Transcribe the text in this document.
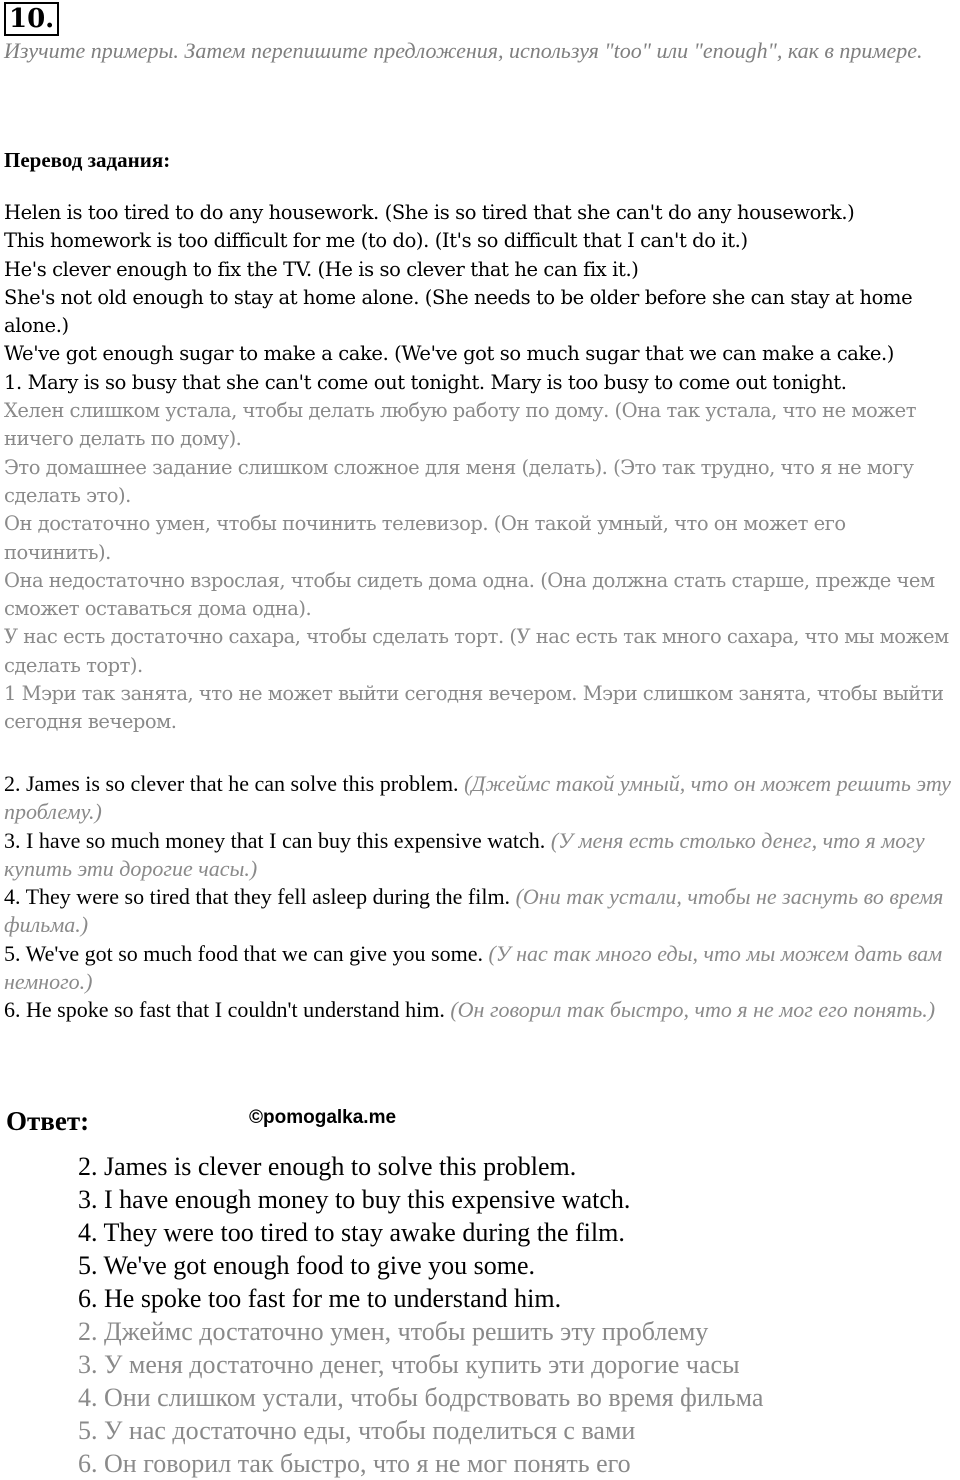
10.
Изучите примеры. Затем перепишите предложения, используя "too" или "enough", как в примере.
Перевод задания:
Helen is too tired to do any housework. (She is so tired that she can't do any housework.)
This homework is too difficult for me (to do). (It's so difficult that I can't do it.)
He's clever enough to fix the TV. (He is so clever that he can fix it.)
She's not old enough to stay at home alone. (She needs to be older before she can stay at home alone.)
We've got enough sugar to make a cake. (We've got so much sugar that we can make a cake.)
1. Mary is so busy that she can't come out tonight. Mary is too busy to come out tonight.
Хелен слишком устала, чтобы делать любую работу по дому. (Она так устала, что не может ничего делать по дому).
Это домашнее задание слишком сложное для меня (делать). (Это так трудно, что я не могу сделать это).
Он достаточно умен, чтобы починить телевизор. (Он такой умный, что он может его починить).
Она недостаточно взрослая, чтобы сидеть дома одна. (Она должна стать старше, прежде чем сможет оставаться дома одна).
У нас есть достаточно сахара, чтобы сделать торт. (У нас есть так много сахара, что мы можем сделать торт).
1 Мэри так занята, что не может выйти сегодня вечером. Мэри слишком занята, чтобы выйти сегодня вечером.
2. James is so clever that he can solve this problem. (Джеймс такой умный, что он может решить эту проблему.)
3. I have so much money that I can buy this expensive watch. (У меня есть столько денег, что я могу купить эти дорогие часы.)
4. They were so tired that they fell asleep during the film. (Они так устали, чтобы не заснуть во время фильма.)
5. We've got so much food that we can give you some. (У нас так много еды, что мы можем дать вам немного.)
6. He spoke so fast that I couldn't understand him. (Он говорил так быстро, что я не мог его понять.)
Ответ:	©pomogalka.me
2. James is clever enough to solve this problem.
3. I have enough money to buy this expensive watch.
4. They were too tired to stay awake during the film.
5. We've got enough food to give you some.
6. He spoke too fast for me to understand him.
2. Джеймс достаточно умен, чтобы решить эту проблему
3. У меня достаточно денег, чтобы купить эти дорогие часы
4. Они слишком устали, чтобы бодрствовать во время фильма
5. У нас достаточно еды, чтобы поделиться с вами
6. Он говорил так быстро, что я не мог понять его
